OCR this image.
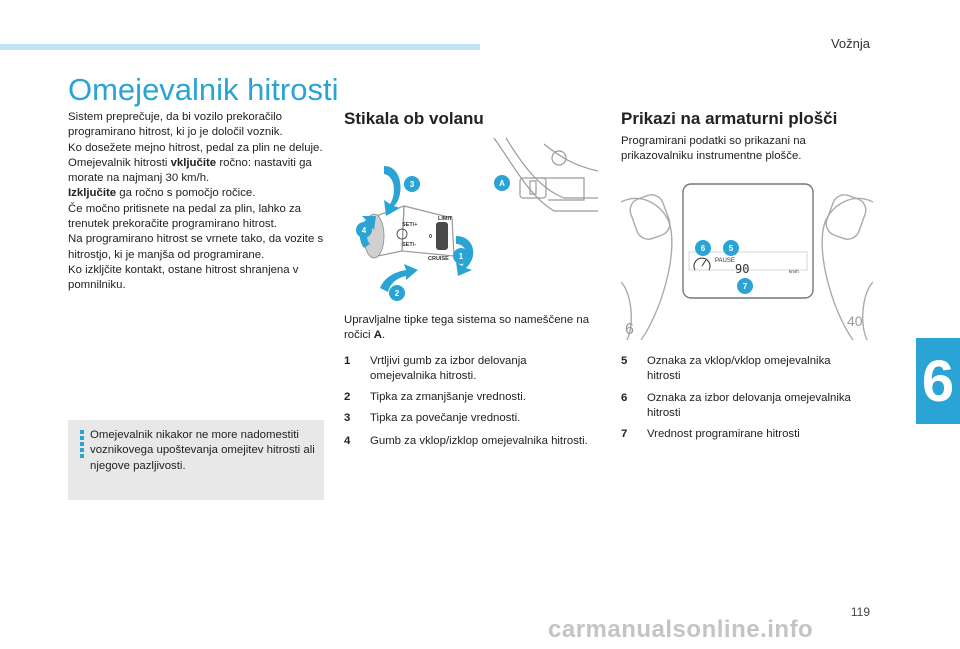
Vožnja
6
Omejevalnik hitrosti

Sistem preprečuje, da bi vozilo prekoračilo programirano hitrost, ki jo je določil voznik.

Ko dosežete mejno hitrost, pedal za plin ne deluje.

Omejevalnik hitrosti vključite ročno: nastaviti ga morate na najmanj 30 km/h.

Izključite ga ročno s pomočjo ročice.

Če močno pritisnete na pedal za plin, lahko za trenutek prekoračite programirano hitrost.

Na programirano hitrost se vrnete tako, da vozite s hitrostjo, ki je manjša od programirane.

Ko izkljčite kontakt, ostane hitrost shranjena v pomnilniku.

Omejevalnik nikakor ne more nadomestiti voznikovega upoštevanja omejitev hitrosti ali njegove pazljivosti.
Stikala ob volanu
SET/+
SET/-
LIMIT
CRUISE
0
3	A
4
1
2
Upravljalne tipke tega sistema so nameščene na ročici A.
1	Vrtljivi gumb za izbor delovanja omejevalnika hitrosti.
2	Tipka za zmanjšanje vrednosti.
3	Tipka za povečanje vrednosti.
4	Gumb za vklop/izklop omejevalnika hitrosti.
Prikazi na armaturni plošči
Programirani podatki so prikazani na prikazovalniku instrumentne plošče.
PAUSE
90	km/h
6	40
6	5
7
5	Oznaka za vklop/vklop omejevalnika hitrosti
6	Oznaka za izbor delovanja omejevalnika hitrosti
7	Vrednost programirane hitrosti
119
carmanualsonline.info
